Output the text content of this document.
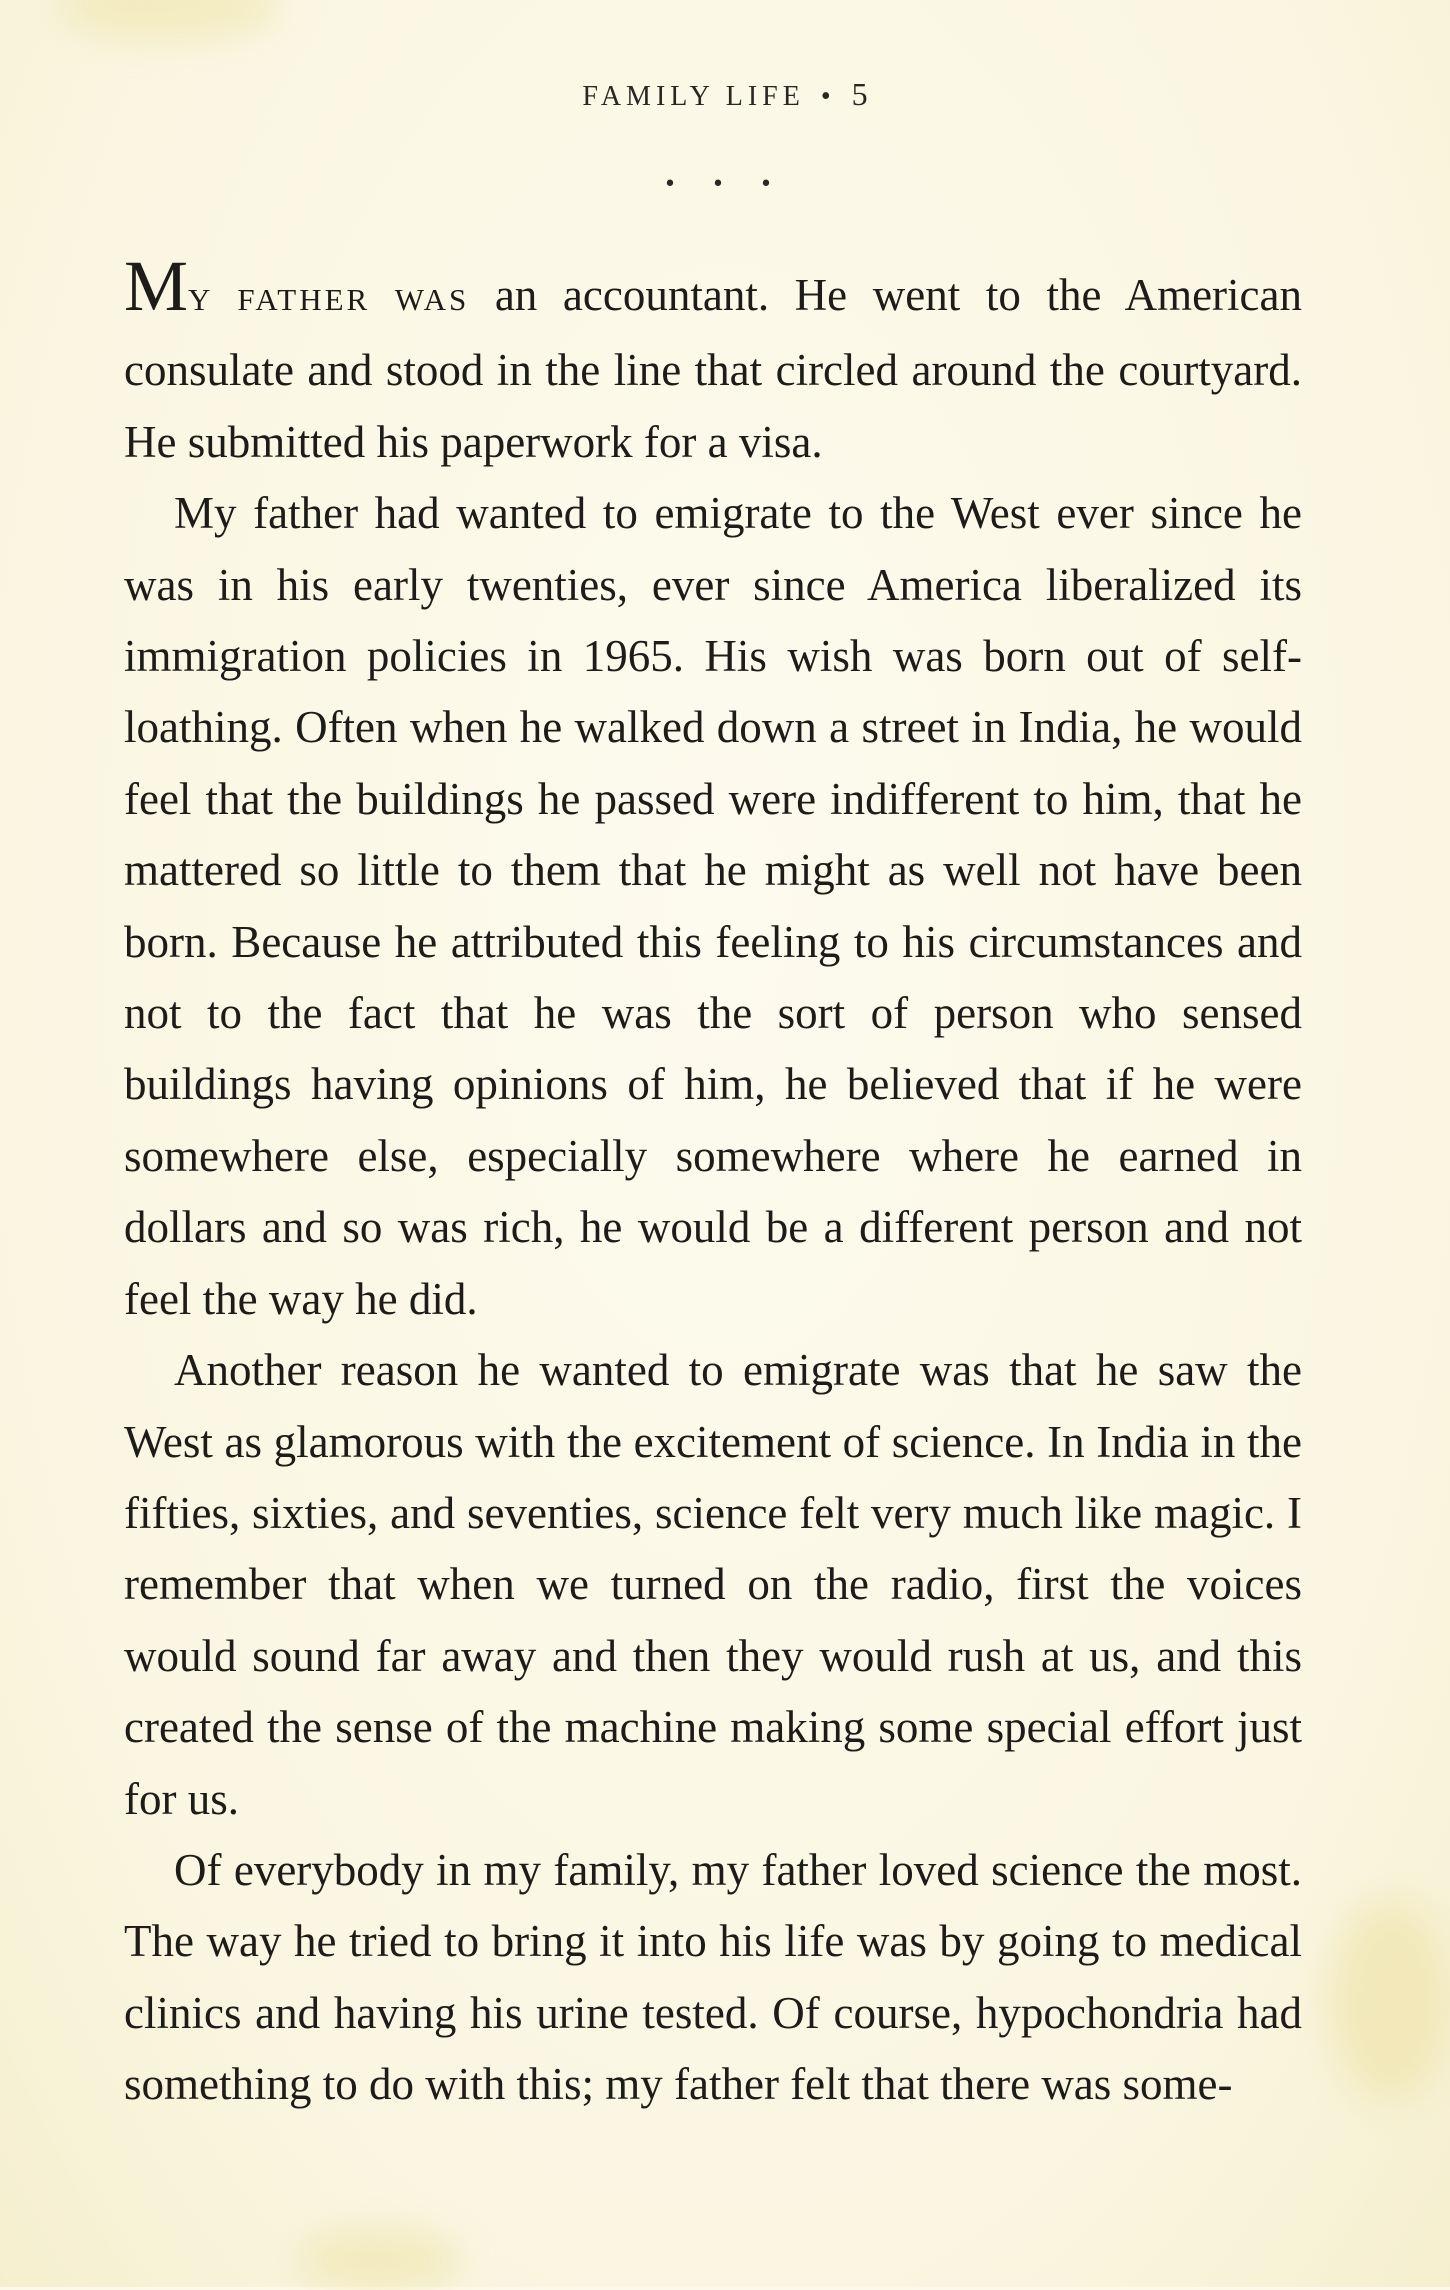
FAMILY LIFE • 5
• • •

MY FATHER WAS an accountant. He went to the American consulate and stood in the line that circled around the courtyard. He submitted his paperwork for a visa.

My father had wanted to emigrate to the West ever since he was in his early twenties, ever since America liberalized its immigration policies in 1965. His wish was born out of self-loathing. Often when he walked down a street in India, he would feel that the buildings he passed were indifferent to him, that he mattered so little to them that he might as well not have been born. Because he attributed this feeling to his circumstances and not to the fact that he was the sort of person who sensed buildings having opinions of him, he believed that if he were somewhere else, especially somewhere where he earned in dollars and so was rich, he would be a different person and not feel the way he did.

Another reason he wanted to emigrate was that he saw the West as glamorous with the excitement of science. In India in the fifties, sixties, and seventies, science felt very much like magic. I remember that when we turned on the radio, first the voices would sound far away and then they would rush at us, and this created the sense of the machine making some special effort just for us.

Of everybody in my family, my father loved science the most. The way he tried to bring it into his life was by going to medical clinics and having his urine tested. Of course, hypochondria had something to do with this; my father felt that there was some-
